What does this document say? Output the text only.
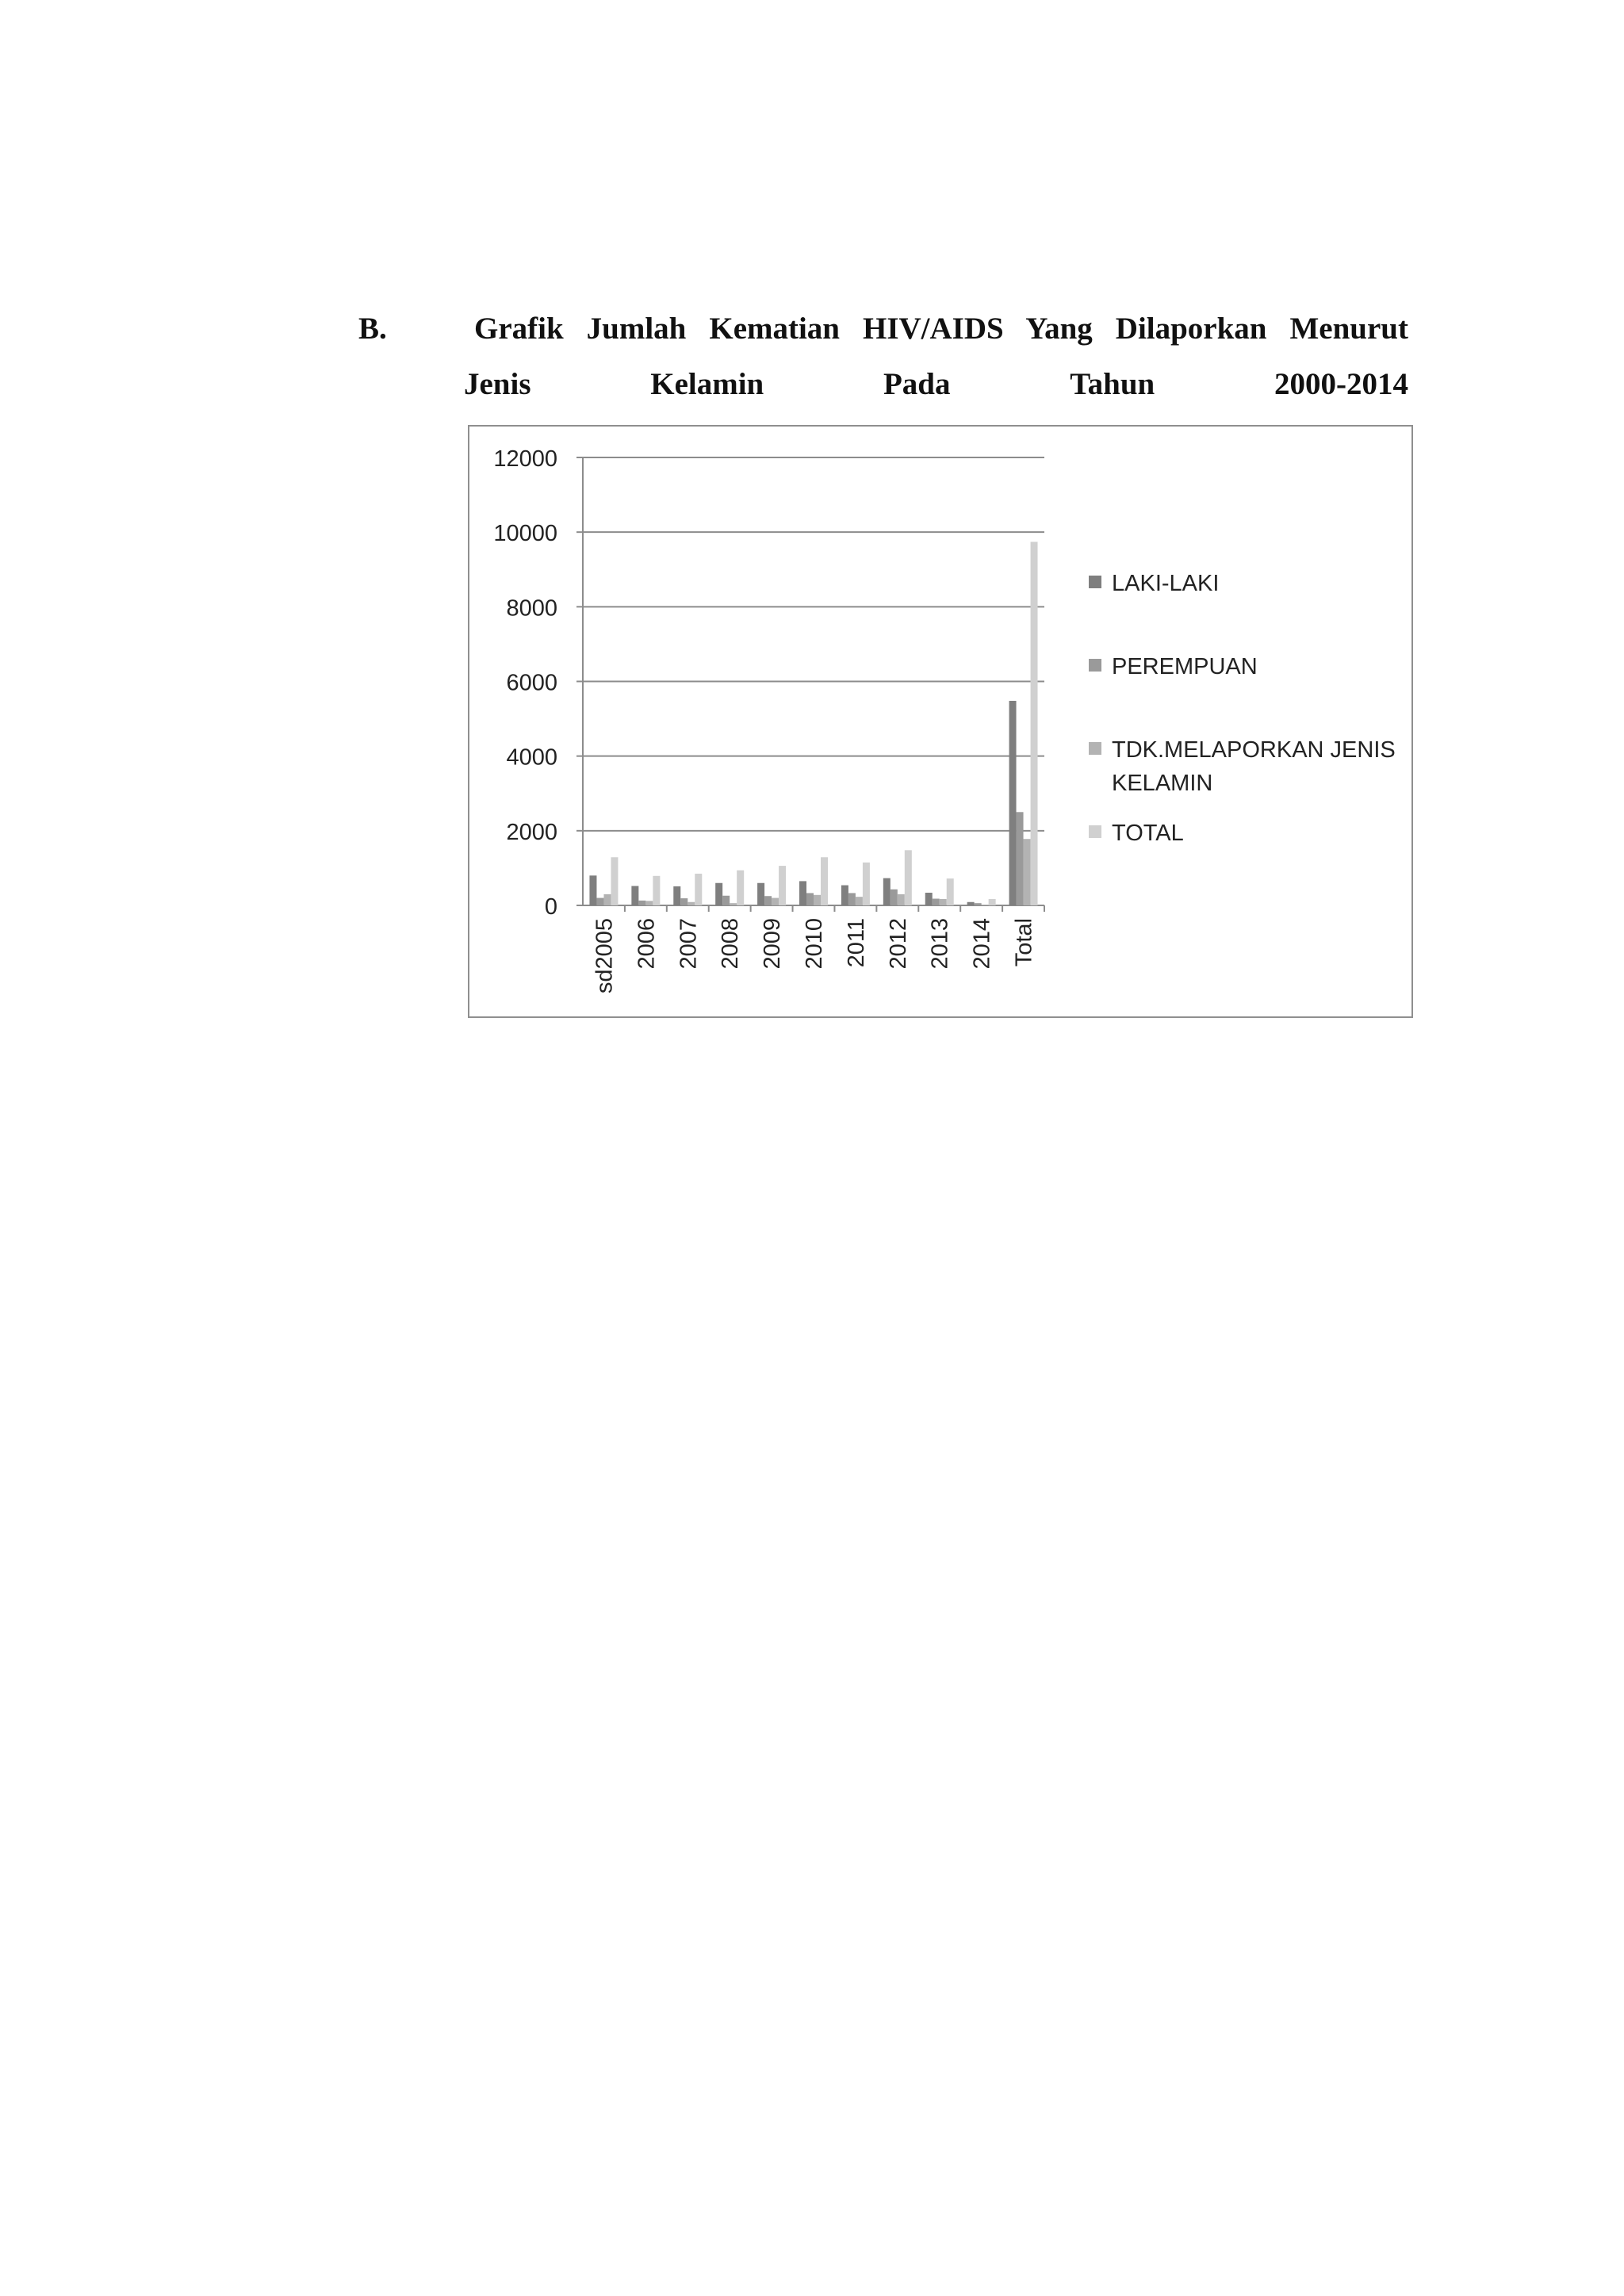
B.	Grafik Jumlah Kematian HIV/AIDS Yang Dilaporkan Menurut
Jenis	Kelamin	Pada	Tahun	2000-2014
0
2000
4000
6000
8000
10000
12000
sd2005 2006 2007 2008 2009 2010 2011 2012 2013 2014 Total
LAKI-LAKI
PEREMPUAN
TDK.MELAPORKAN JENIS KELAMIN
TOTAL
